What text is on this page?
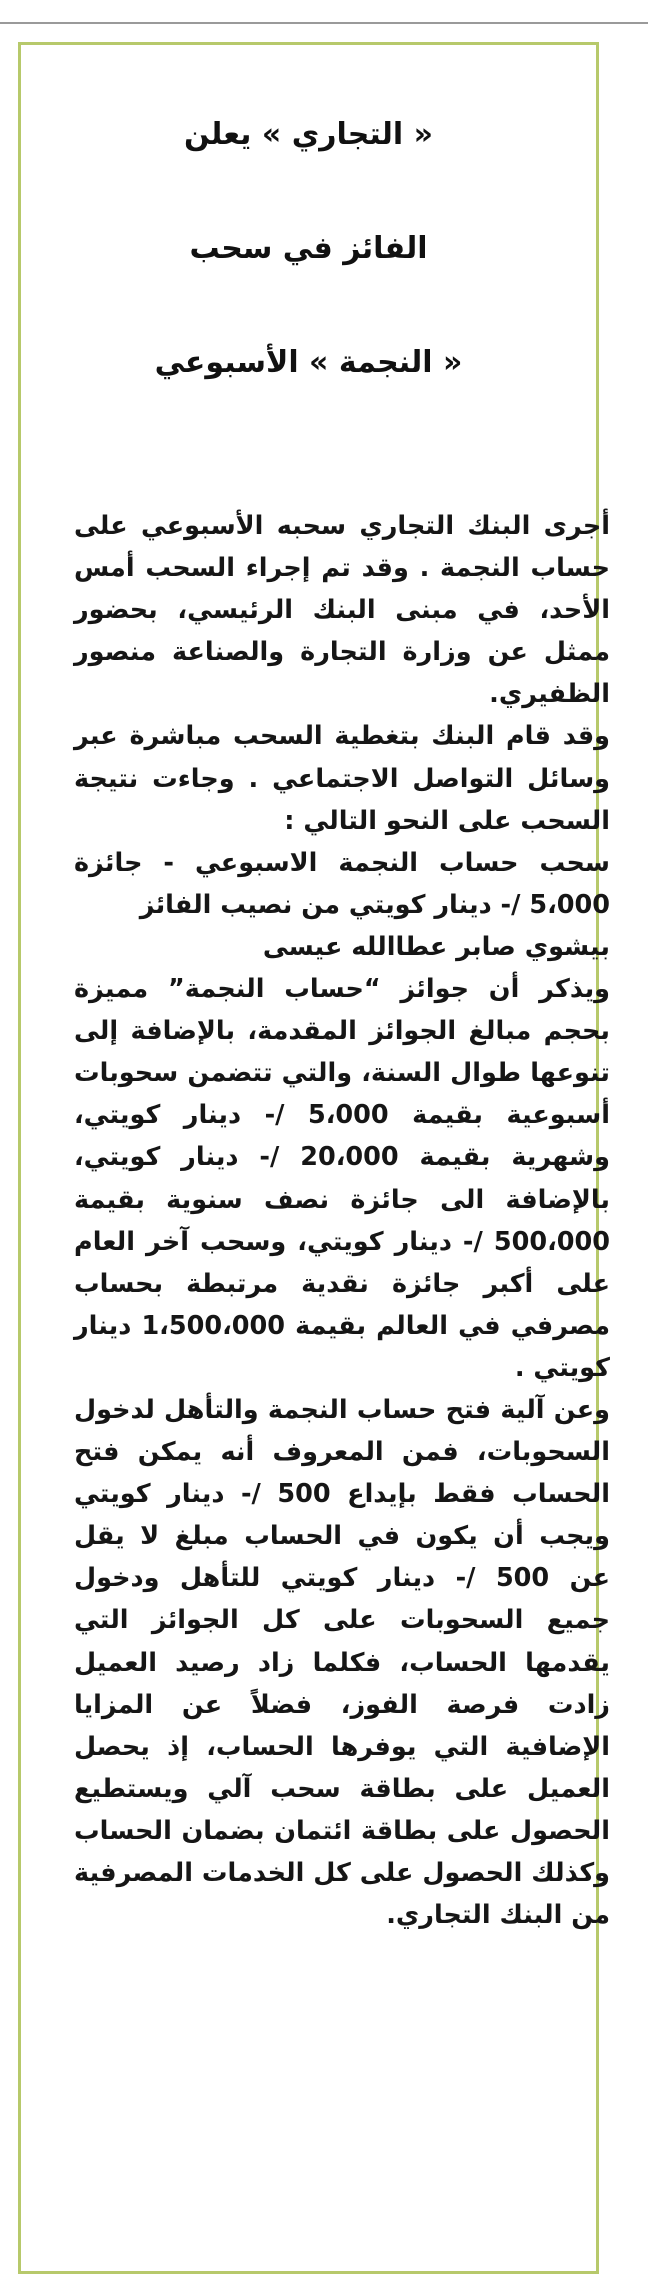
« التجاري » يعلن
الفائز في سحب
« النجمة » الأسبوعي

أجرى البنك التجاري سحبه الأسبوعي على حساب النجمة . وقد تم إجراء السحب أمس الأحد، في مبنى البنك الرئيسي، بحضور ممثل عن وزارة التجارة والصناعة منصور الظفيري.

وقد قام البنك بتغطية السحب مباشرة عبر وسائل التواصل الاجتماعي . وجاءت نتيجة السحب على النحو التالي :

سحب حساب النجمة الاسبوعي - جائزة 5،000 /- دينار كويتي من نصيب الفائز

بيشوي صابر عطاالله عيسى

ويذكر أن جوائز “حساب النجمة” مميزة بحجم مبالغ الجوائز المقدمة، بالإضافة إلى تنوعها طوال السنة، والتي تتضمن سحوبات أسبوعية بقيمة 5،000 /- دينار كويتي، وشهرية بقيمة 20،000 /- دينار كويتي، بالإضافة الى جائزة نصف سنوية بقيمة 500،000 /- دينار كويتي، وسحب آخر العام على أكبر جائزة نقدية مرتبطة بحساب مصرفي في العالم بقيمة 1،500،000 دينار كويتي .

وعن آلية فتح حساب النجمة والتأهل لدخول السحوبات، فمن المعروف أنه يمكن فتح الحساب فقط بإيداع 500 /- دينار كويتي ويجب أن يكون في الحساب مبلغ لا يقل عن 500 /- دينار كويتي للتأهل ودخول جميع السحوبات على كل الجوائز التي يقدمها الحساب، فكلما زاد رصيد العميل زادت فرصة الفوز، فضلاً عن المزايا الإضافية التي يوفرها الحساب، إذ يحصل العميل على بطاقة سحب آلي ويستطيع الحصول على بطاقة ائتمان بضمان الحساب وكذلك الحصول على كل الخدمات المصرفية من البنك التجاري.
